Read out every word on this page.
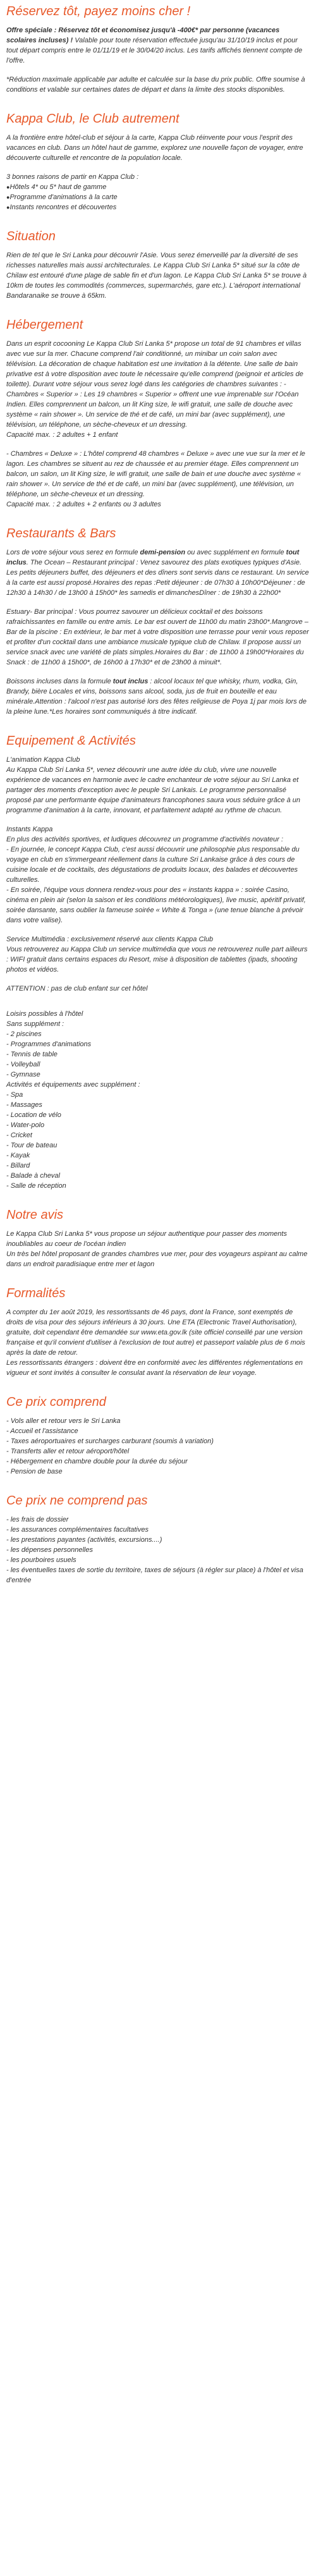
Réservez tôt, payez moins cher !

Offre spéciale : Réservez tôt et économisez jusqu'à -400€* par personne (vacances scolaires incluses) ! Valable pour toute réservation effectuée jusqu'au 31/10/19 inclus et pour tout départ compris entre le 01/11/19 et le 30/04/20 inclus. Les tarifs affichés tiennent compte de l'offre.

*Réduction maximale applicable par adulte et calculée sur la base du prix public. Offre soumise à conditions et valable sur certaines dates de départ et dans la limite des stocks disponibles.

Kappa Club, le Club autrement

A la frontière entre hôtel-club et séjour à la carte, Kappa Club réinvente pour vous l'esprit des vacances en club. Dans un hôtel haut de gamme, explorez une nouvelle façon de voyager, entre découverte culturelle et rencontre de la population locale.

3 bonnes raisons de partir en Kappa Club :

● Hôtels 4* ou 5* haut de gamme
● Programme d'animations à la carte
● Instants rencontres et découvertes
Situation

Rien de tel que le Sri Lanka pour découvrir l'Asie. Vous serez émerveillé par la diversité de ses richesses naturelles mais aussi architecturales. Le Kappa Club Sri Lanka 5* situé sur la côte de Chilaw est entouré d'une plage de sable fin et d'un lagon. Le Kappa Club Sri Lanka 5* se trouve à 10km de toutes les commodités (commerces, supermarchés, gare etc.). L'aéroport international Bandaranaike se trouve à 65km.

Hébergement

Dans un esprit cocooning Le Kappa Club Sri Lanka 5* propose un total de 91 chambres et villas avec vue sur la mer. Chacune comprend l'air conditionné, un minibar un coin salon avec télévision. La décoration de chaque habitation est une invitation à la détente. Une salle de bain privative est à votre disposition avec toute le nécessaire qu'elle comprend (peignoir et articles de toilette). Durant votre séjour vous serez logé dans les catégories de chambres suivantes : - Chambres « Superior » : Les 19 chambres « Superior » offrent une vue imprenable sur l'Océan Indien. Elles comprennent un balcon, un lit King size, le wifi gratuit, une salle de douche avec système « rain shower ». Un service de thé et de café, un mini bar (avec supplément), une télévision, un téléphone, un sèche-cheveux et un dressing.

Capacité max. : 2 adultes + 1 enfant

- Chambres « Deluxe » : L'hôtel comprend 48 chambres « Deluxe » avec une vue sur la mer et le lagon. Les chambres se situent au rez de chaussée et au premier étage. Elles comprennent un balcon, un salon, un lit King size, le wifi gratuit, une salle de bain et une douche avec système « rain shower ». Un service de thé et de café, un mini bar (avec supplément), une télévision, un téléphone, un sèche-cheveux et un dressing.

Capacité max. : 2 adultes + 2 enfants ou 3 adultes

Restaurants & Bars

Lors de votre séjour vous serez en formule demi-pension ou avec supplément en formule tout inclus. The Ocean – Restaurant principal : Venez savourez des plats exotiques typiques d'Asie. Les petits déjeuners buffet, des déjeuners et des dîners sont servis dans ce restaurant. Un service à la carte est aussi proposé.Horaires des repas :Petit déjeuner : de 07h30 à 10h00*Déjeuner : de 12h30 à 14h30 / de 13h00 à 15h00* les samedis et dimanchesDîner : de 19h30 à 22h00*

Estuary- Bar principal : Vous pourrez savourer un délicieux cocktail et des boissons rafraichissantes en famille ou entre amis. Le bar est ouvert de 11h00 du matin 23h00*.Mangrove – Bar de la piscine : En extérieur, le bar met à votre disposition une terrasse pour venir vous reposer et profiter d'un cocktail dans une ambiance musicale typique club de Chilaw. Il propose aussi un service snack avec une variété de plats simples.Horaires du Bar : de 11h00 à 19h00*Horaires du Snack : de 11h00 à 15h00*, de 16h00 à 17h30* et de 23h00 à minuit*.

Boissons incluses dans la formule tout inclus : alcool locaux tel que whisky, rhum, vodka, Gin, Brandy, bière Locales et vins, boissons sans alcool, soda, jus de fruit en bouteille et eau minérale.Attention : l'alcool n'est pas autorisé lors des fêtes religieuse de Poya 1j par mois lors de la pleine lune.*Les horaires sont communiqués à titre indicatif.

Equipement & Activités

L'animation Kappa Club
Au Kappa Club Sri Lanka 5*, venez découvrir une autre idée du club, vivre une nouvelle expérience de vacances en harmonie avec le cadre enchanteur de votre séjour au Sri Lanka et partager des moments d'exception avec le peuple Sri Lankais. Le programme personnalisé proposé par une performante équipe d'animateurs francophones saura vous séduire grâce à un programme d'animation à la carte, innovant, et parfaitement adapté au rythme de chacun.

Instants Kappa
En plus des activités sportives, et ludiques découvrez un programme d'activités novateur :
- En journée, le concept Kappa Club, c'est aussi découvrir une philosophie plus responsable du voyage en club en s'immergeant réellement dans la culture Sri Lankaise grâce à des cours de cuisine locale et de cocktails, des dégustations de produits locaux, des balades et découvertes culturelles.
- En soirée, l'équipe vous donnera rendez-vous pour des « instants kappa » : soirée Casino, cinéma en plein air (selon la saison et les conditions météorologiques), live music, apéritif privatif, soirée dansante, sans oublier la fameuse soirée « White & Tonga » (une tenue blanche à prévoir dans votre valise).

Service Multimédia : exclusivement réservé aux clients Kappa Club
Vous retrouverez au Kappa Club un service multimédia que vous ne retrouverez nulle part ailleurs : WIFI gratuit dans certains espaces du Resort, mise à disposition de tablettes (ipads, shooting photos et vidéos.

ATTENTION : pas de club enfant sur cet hôtel

Loisirs possibles à l'hôtel
Sans supplément :
- 2 piscines
- Programmes d'animations
- Tennis de table
- Volleyball
- Gymnase
Activités et équipements avec supplément :
- Spa
- Massages
- Location de vélo
- Water-polo
- Cricket
- Tour de bateau
- Kayak
- Billard
- Balade à cheval
- Salle de réception
Notre avis

Le Kappa Club Sri Lanka 5* vous propose un séjour authentique pour passer des moments inoubliables au coeur de l'océan indien
Un très bel hôtel proposant de grandes chambres vue mer, pour des voyageurs aspirant au calme dans un endroit paradisiaque entre mer et lagon

Formalités

A compter du 1er août 2019, les ressortissants de 46 pays, dont la France, sont exemptés de droits de visa pour des séjours inférieurs à 30 jours. Une ETA (Electronic Travel Authorisation), gratuite, doit cependant être demandée sur www.eta.gov.lk (site officiel conseillé par une version française et qu'il convient d'utiliser à l'exclusion de tout autre) et passeport valable plus de 6 mois après la date de retour.
Les ressortissants étrangers : doivent être en conformité avec les différentes réglementations en vigueur et sont invités à consulter le consulat avant la réservation de leur voyage.

Ce prix comprend
- Vols aller et retour vers le Sri Lanka
- Accueil et l'assistance
- Taxes aéroportuaires et surcharges carburant (soumis à variation)
- Transferts aller et retour aéroport/hôtel
- Hébergement en chambre double pour la durée du séjour
- Pension de base
Ce prix ne comprend pas
- les frais de dossier
- les assurances complémentaires facultatives
- les prestations payantes (activités, excursions....)
- les dépenses personnelles
- les pourboires usuels
- les éventuelles taxes de sortie du territoire, taxes de séjours (à régler sur place) à l'hôtel et visa d'entrée
